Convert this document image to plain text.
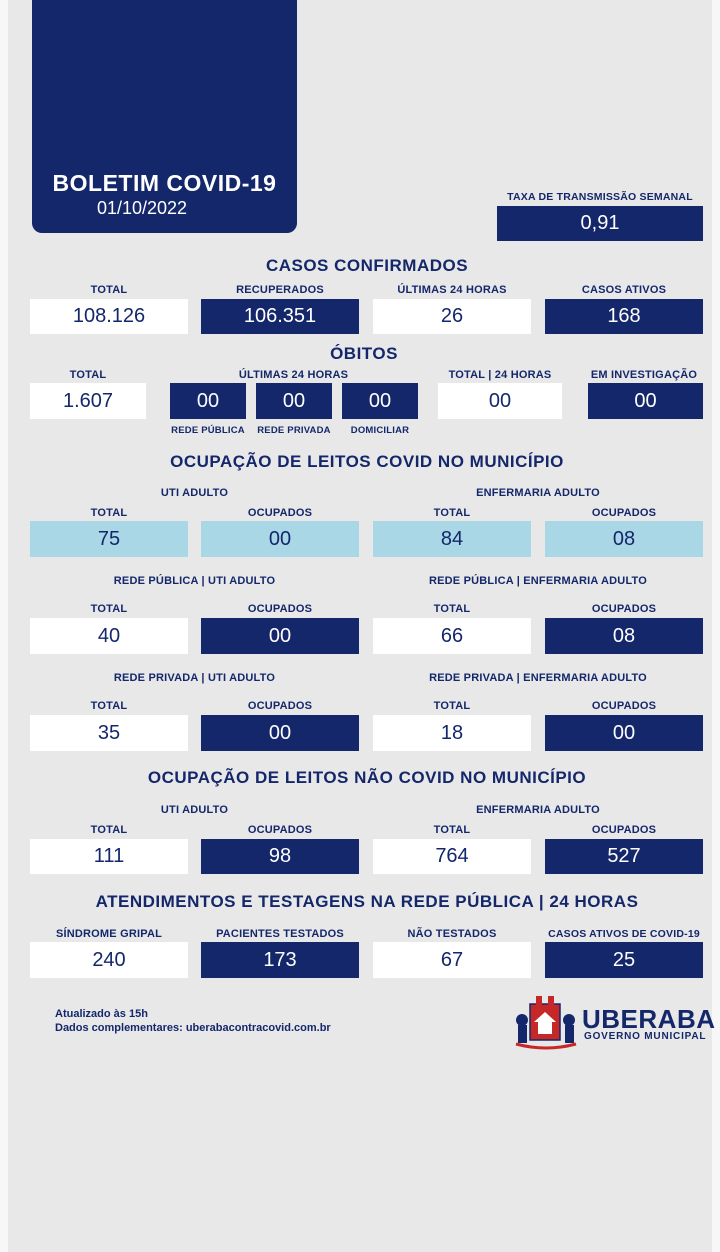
BOLETIM COVID-19
01/10/2022
TAXA DE TRANSMISSÃO SEMANAL
0,91
CASOS CONFIRMADOS
TOTAL
108.126
RECUPERADOS
106.351
ÚLTIMAS 24 HORAS
26
CASOS ATIVOS
168
ÓBITOS
TOTAL
1.607
ÚLTIMAS 24 HORAS
00	00	00
REDE PÚBLICA	REDE PRIVADA	DOMICILIAR
TOTAL | 24 HORAS
00
EM INVESTIGAÇÃO
00
OCUPAÇÃO DE LEITOS COVID NO MUNICÍPIO
UTI ADULTO	ENFERMARIA ADULTO
TOTAL	OCUPADOS	TOTAL	OCUPADOS
75	00	84	08
REDE PÚBLICA | UTI ADULTO	REDE PÚBLICA | ENFERMARIA ADULTO
TOTAL	OCUPADOS	TOTAL	OCUPADOS
40	00	66	08
REDE PRIVADA | UTI ADULTO	REDE PRIVADA | ENFERMARIA ADULTO
TOTAL	OCUPADOS	TOTAL	OCUPADOS
35	00	18	00
OCUPAÇÃO DE LEITOS NÃO COVID NO MUNICÍPIO
UTI ADULTO	ENFERMARIA ADULTO
TOTAL	OCUPADOS	TOTAL	OCUPADOS
111	98	764	527
ATENDIMENTOS E TESTAGENS NA REDE PÚBLICA | 24 HORAS
SÍNDROME GRIPAL
240
PACIENTES TESTADOS
173
NÃO TESTADOS
67
CASOS ATIVOS DE COVID-19
25
Atualizado às 15h
Dados complementares: uberabacontracovid.com.br	UBERABA
GOVERNO MUNICIPAL
